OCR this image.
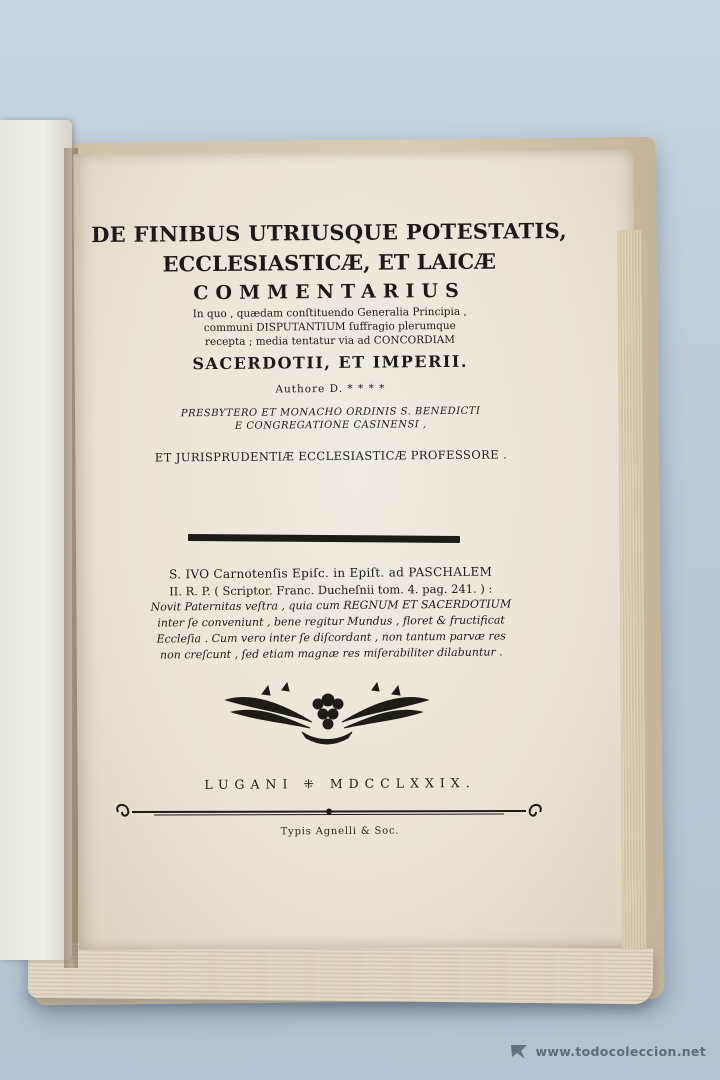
DE FINIBUS UTRIUSQUE POTESTATIS,
ECCLESIASTICÆ, ET LAICÆ
COMMENTARIUS
In quo , quædam conſtituendo Generalia Principia ,
communi DISPUTANTIUM ſuffragio plerumque
recepta ; media tentatur via ad CONCORDIAM
SACERDOTII, ET IMPERII.
Authore D. * * * *
PRESBYTERO ET MONACHO ORDINIS S. BENEDICTI
E CONGREGATIONE CASINENSI ,
ET JURISPRUDENTIÆ ECCLESIASTICÆ PROFESSORE .
S. IVO Carnotenſis Epiſc. in Epiſt. ad PASCHALEM
II. R. P. ( Scriptor. Franc. Ducheſnii tom. 4. pag. 241. ) :
Novit Paternitas veſtra , quia cum REGNUM ET SACERDOTIUM
inter ſe conveniunt , bene regitur Mundus , floret & fructificat
Eccleſia . Cum vero inter ſe diſcordant , non tantum parvæ res
non creſcunt , ſed etiam magnæ res miſerabiliter dilabuntur .
LUGANI ⁜ MDCCLXXIX.
Typis Agnelli & Soc.
www.todocoleccion.net
